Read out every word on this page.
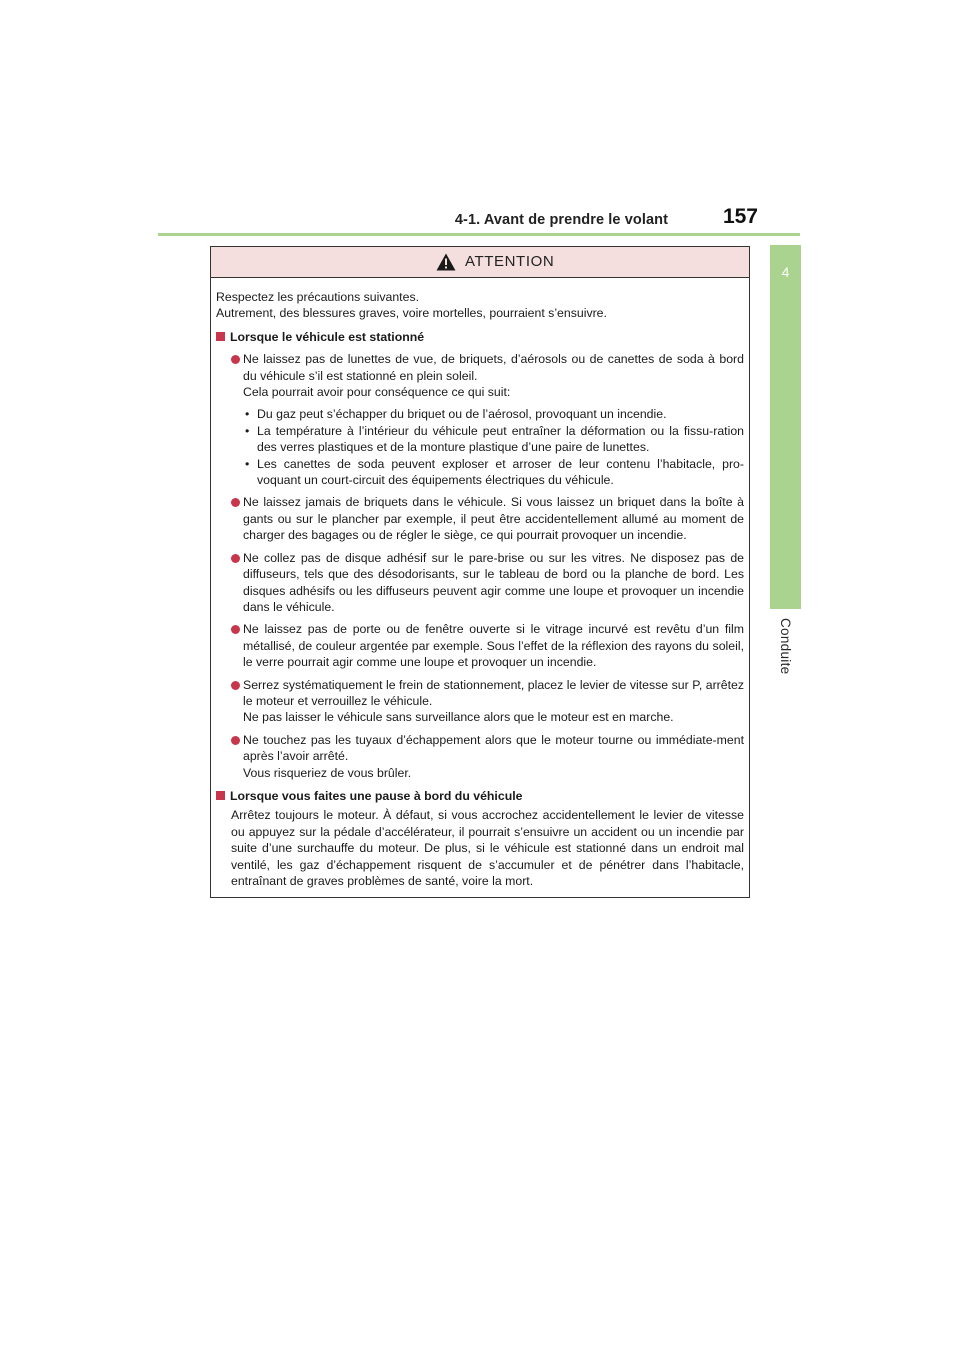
4-1. Avant de prendre le volant	157
4
Conduite
ATTENTION

Respectez les précautions suivantes.

Autrement, des blessures graves, voire mortelles, pourraient s’ensuivre.

Lorsque le véhicule est stationné
Ne laissez pas de lunettes de vue, de briquets, d’aérosols ou de canettes de soda à bord du véhicule s’il est stationné en plein soleil.
Cela pourrait avoir pour conséquence ce qui suit:
• Du gaz peut s’échapper du briquet ou de l’aérosol, provoquant un incendie.
• La température à l’intérieur du véhicule peut entraîner la déformation ou la fissu-ration des verres plastiques et de la monture plastique d’une paire de lunettes.
• Les canettes de soda peuvent exploser et arroser de leur contenu l’habitacle, pro-voquant un court-circuit des équipements électriques du véhicule.
Ne laissez jamais de briquets dans le véhicule. Si vous laissez un briquet dans la boîte à gants ou sur le plancher par exemple, il peut être accidentellement allumé au moment de charger des bagages ou de régler le siège, ce qui pourrait provoquer un incendie.
Ne collez pas de disque adhésif sur le pare-brise ou sur les vitres. Ne disposez pas de diffuseurs, tels que des désodorisants, sur le tableau de bord ou la planche de bord. Les disques adhésifs ou les diffuseurs peuvent agir comme une loupe et provoquer un incendie dans le véhicule.
Ne laissez pas de porte ou de fenêtre ouverte si le vitrage incurvé est revêtu d’un film métallisé, de couleur argentée par exemple. Sous l’effet de la réflexion des rayons du soleil, le verre pourrait agir comme une loupe et provoquer un incendie.
Serrez systématiquement le frein de stationnement, placez le levier de vitesse sur P, arrêtez le moteur et verrouillez le véhicule.
Ne pas laisser le véhicule sans surveillance alors que le moteur est en marche.
Ne touchez pas les tuyaux d’échappement alors que le moteur tourne ou immédiate-ment après l’avoir arrêté.
Vous risqueriez de vous brûler.
Lorsque vous faites une pause à bord du véhicule
Arrêtez toujours le moteur. À défaut, si vous accrochez accidentellement le levier de vitesse ou appuyez sur la pédale d’accélérateur, il pourrait s’ensuivre un accident ou un incendie par suite d’une surchauffe du moteur. De plus, si le véhicule est stationné dans un endroit mal ventilé, les gaz d’échappement risquent de s’accumuler et de pénétrer dans l’habitacle, entraînant de graves problèmes de santé, voire la mort.
